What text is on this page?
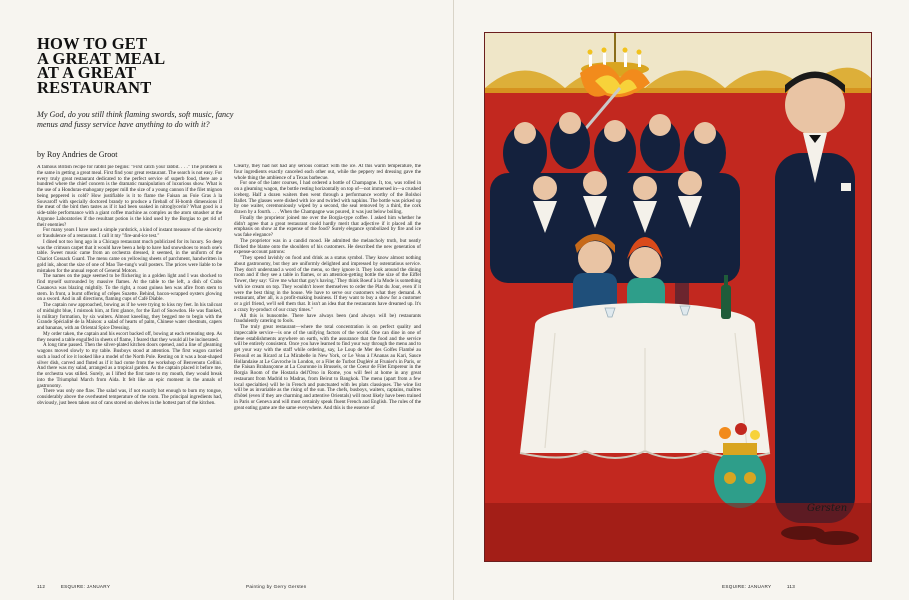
HOW TO GET
A GREAT MEAL
AT A GREAT
RESTAURANT

My God, do you still think flaming swords, soft music, fancy menus and fussy service have anything to do with it?

by Roy Andries de Groot

A famous British recipe for rabbit pie begins: "First catch your rabbit. . . ." The problem is the same in getting a great meal. First find your great restaurant. The search is not easy. For every truly great restaurant dedicated to the perfect service of superb food, there are a hundred where the chief concern is the dramatic manipulation of luxurious show. What is the use of a Honduras-mahogany pepper mill the size of a young cannon if the filet mignon being peppered is cold? How justifiable is it to flame the Faisan au Foie Gras à la Souvaroff with specially doctored brandy to produce a fireball of H-bomb dimensions if the meat of the bird then tastes as if it had been soaked in nitroglycerin? What good is a side-table performance with a giant coffee machine as complex as the atom smasher at the Argonne Laboratories if the resultant potion is the kind used by the Borgias to get rid of their enemies?

For many years I have used a simple yardstick, a kind of instant measure of the sincerity or fraudulence of a restaurant. I call it my "fire-and-ice test."

I dined not too long ago in a Chicago restaurant much publicized for its luxury. So deep was the crimson carpet that it would have been a help to have had snowshoes to reach one's table. Sweet music came from an orchestra dressed, it seemed, in the uniform of the Chariot Cossack Guard. The menu came on yellowing sheets of parchment, handwritten in gold ink, about the size of one of Mao Tse-tung's wall posters. The prices were liable to be mistaken for the annual report of General Motors.

The names on the page seemed to be flickering in a golden light and I was shocked to find myself surrounded by massive flames. At the table to the left, a dish of Crabs Casanova was blazing mightily. To the right, a roast guinea hen was afire from stem to stern. In front, a burnt offering of crêpes Suzette. Behind, bacon-wrapped oysters glowing on a sword. And in all directions, flaming cups of Café Diable.

The captain now approached, bowing as if he were trying to kiss my feet. In his tailcoat of midnight blue, I mistook him, at first glance, for the Earl of Snowdon. He was flanked, is military formation, by six waiters. Almost kneeling, they begged me to begin with the Grande Spécialité de la Maison: a salad of hearts of palm, Chinese water chestnuts, capers and bananas, with an Oriental Spice Dressing.

My order taken, the captain and his escort backed off, bowing at each retreating step. As they neared a table engulfed in sheets of flame, I feared that they would all be incinerated.

A long time passed. Then the silver-plated kitchen doors opened, and a line of gleaming wagons moved slowly to my table. Busboys stood at attention. The first wagon carried such a load of ice it looked like a model of the North Pole. Resting on it was a boat-shaped silver dish, carved and fluted as if it had come from the workshop of Benvenuto Cellini. And there was my salad, arranged as a tropical garden. As the captain placed it before me, the orchestra was stilled. Surely, as I lifted the first taste to my mouth, they would break into the Triumphal March from Aida. It felt like an epic moment in the annals of gastronomy.

There was only one flaw. The salad was, if not exactly hot enough to burn my tongue, considerably above the overheated temperature of the room. The principal ingredients had, obviously, just been taken out of cans stored on shelves in the hottest part of the kitchen.

Clearly, they had not had any serious contact with the ice. At this warm temperature, the four ingredients exactly canceled each other out, while the peppery red dressing gave the whole thing the ambience of a Texas barbecue.

For one of the later courses, I had ordered a bottle of Champagne. It, too, was rolled in on a gleaming wagon, the bottle resting horizontally on top of—not immersed in—a crushed iceberg. Half a dozen waiters then went through a performance worthy of the Bolshoi Ballet. The glasses were dished with ice and twirled with napkins. The bottle was picked up by one waiter, ceremoniously wiped by a second, the seal removed by a third, the cork drawn by a fourth. . . . When the Champagne was poured, it was just below boiling.

Finally the proprietor joined me over the Borgia-type coffee. I asked him whether he didn't agree that a great restaurant could hardly merit that adjective if it placed all the emphasis on show at the expense of the food? Surely elegance symbolized by fire and ice was fake elegance?

The proprietor was in a candid mood. He admitted the melancholy truth, but neatly flicked the blame onto the shoulders of his customers. He described the new generation of expense-account patrons:

"They spend lavishly on food and drink as a status symbol. They know almost nothing about gastronomy, but they are uniformly delighted and impressed by ostentatious service. They don't understand a word of the menu, so they ignore it. They look around the dining room and if they see a table in flames, or an attention-getting bottle the size of the Eiffel Tower, they say: 'Give me what that guy's having.' They think Boeuf à la Mode is something with ice cream on top. They wouldn't lower themselves to order the Plat du Jour, even if it were the best thing in the house. We have to serve our customers what they demand. A restaurant, after all, is a profit-making business. If they want to buy a show for a customer or a girl friend, we'll sell them that. It isn't an idea that the restaurants have dreamed up. It's a crazy by-product of our crazy times."

All this is bunsombe. There have always been (and always will be) restaurants fraudulently catering to fools.

The truly great restaurant—where the total concentration is on perfect quality and impeccable service—is one of the unifying factors of the world. One can dine in one of these establishments anywhere on earth, with the assurance that the food and the service will be entirely consistent. Once you have learned to find your way through the menu and to get your way with the staff while ordering, say, Le Loup de Mer des Golfes Flambé au Fenouil et au Ricard at La Mirabelle in New York, or Le Veau à l'Ananas au Kari, Sauce Hollandaise at Le Gavroche in London, or a Filet de Turbot Dugléré at Frunier's in Paris, or the Faisan Brabançonne at La Couronne in Brussels, or the Coeur de Filet Empereur in the Borgia Room of the Hostaria dell'Orso in Rome, you will feel at home in any great restaurant from Madrid to Madras, from Beirut to Bangkok. The menu (apart from a few local specialties) will be in French and punctuated with les plats classiques. The wine list will be as invariable as the rising of the sun. The chefs, busboys, waiters, captains, maîtres d'hôtel (even if they are charming and attentive Orientals) will most likely have been trained in Paris or Geneva and will most certainly speak fluent French and English. The rules of the great eating game are the same everywhere. And this is the essence of

112	ESQUIRE: JANUARY	Painting by Gerry Gersten	ESQUIRE: JANUARY	113
Gersten
